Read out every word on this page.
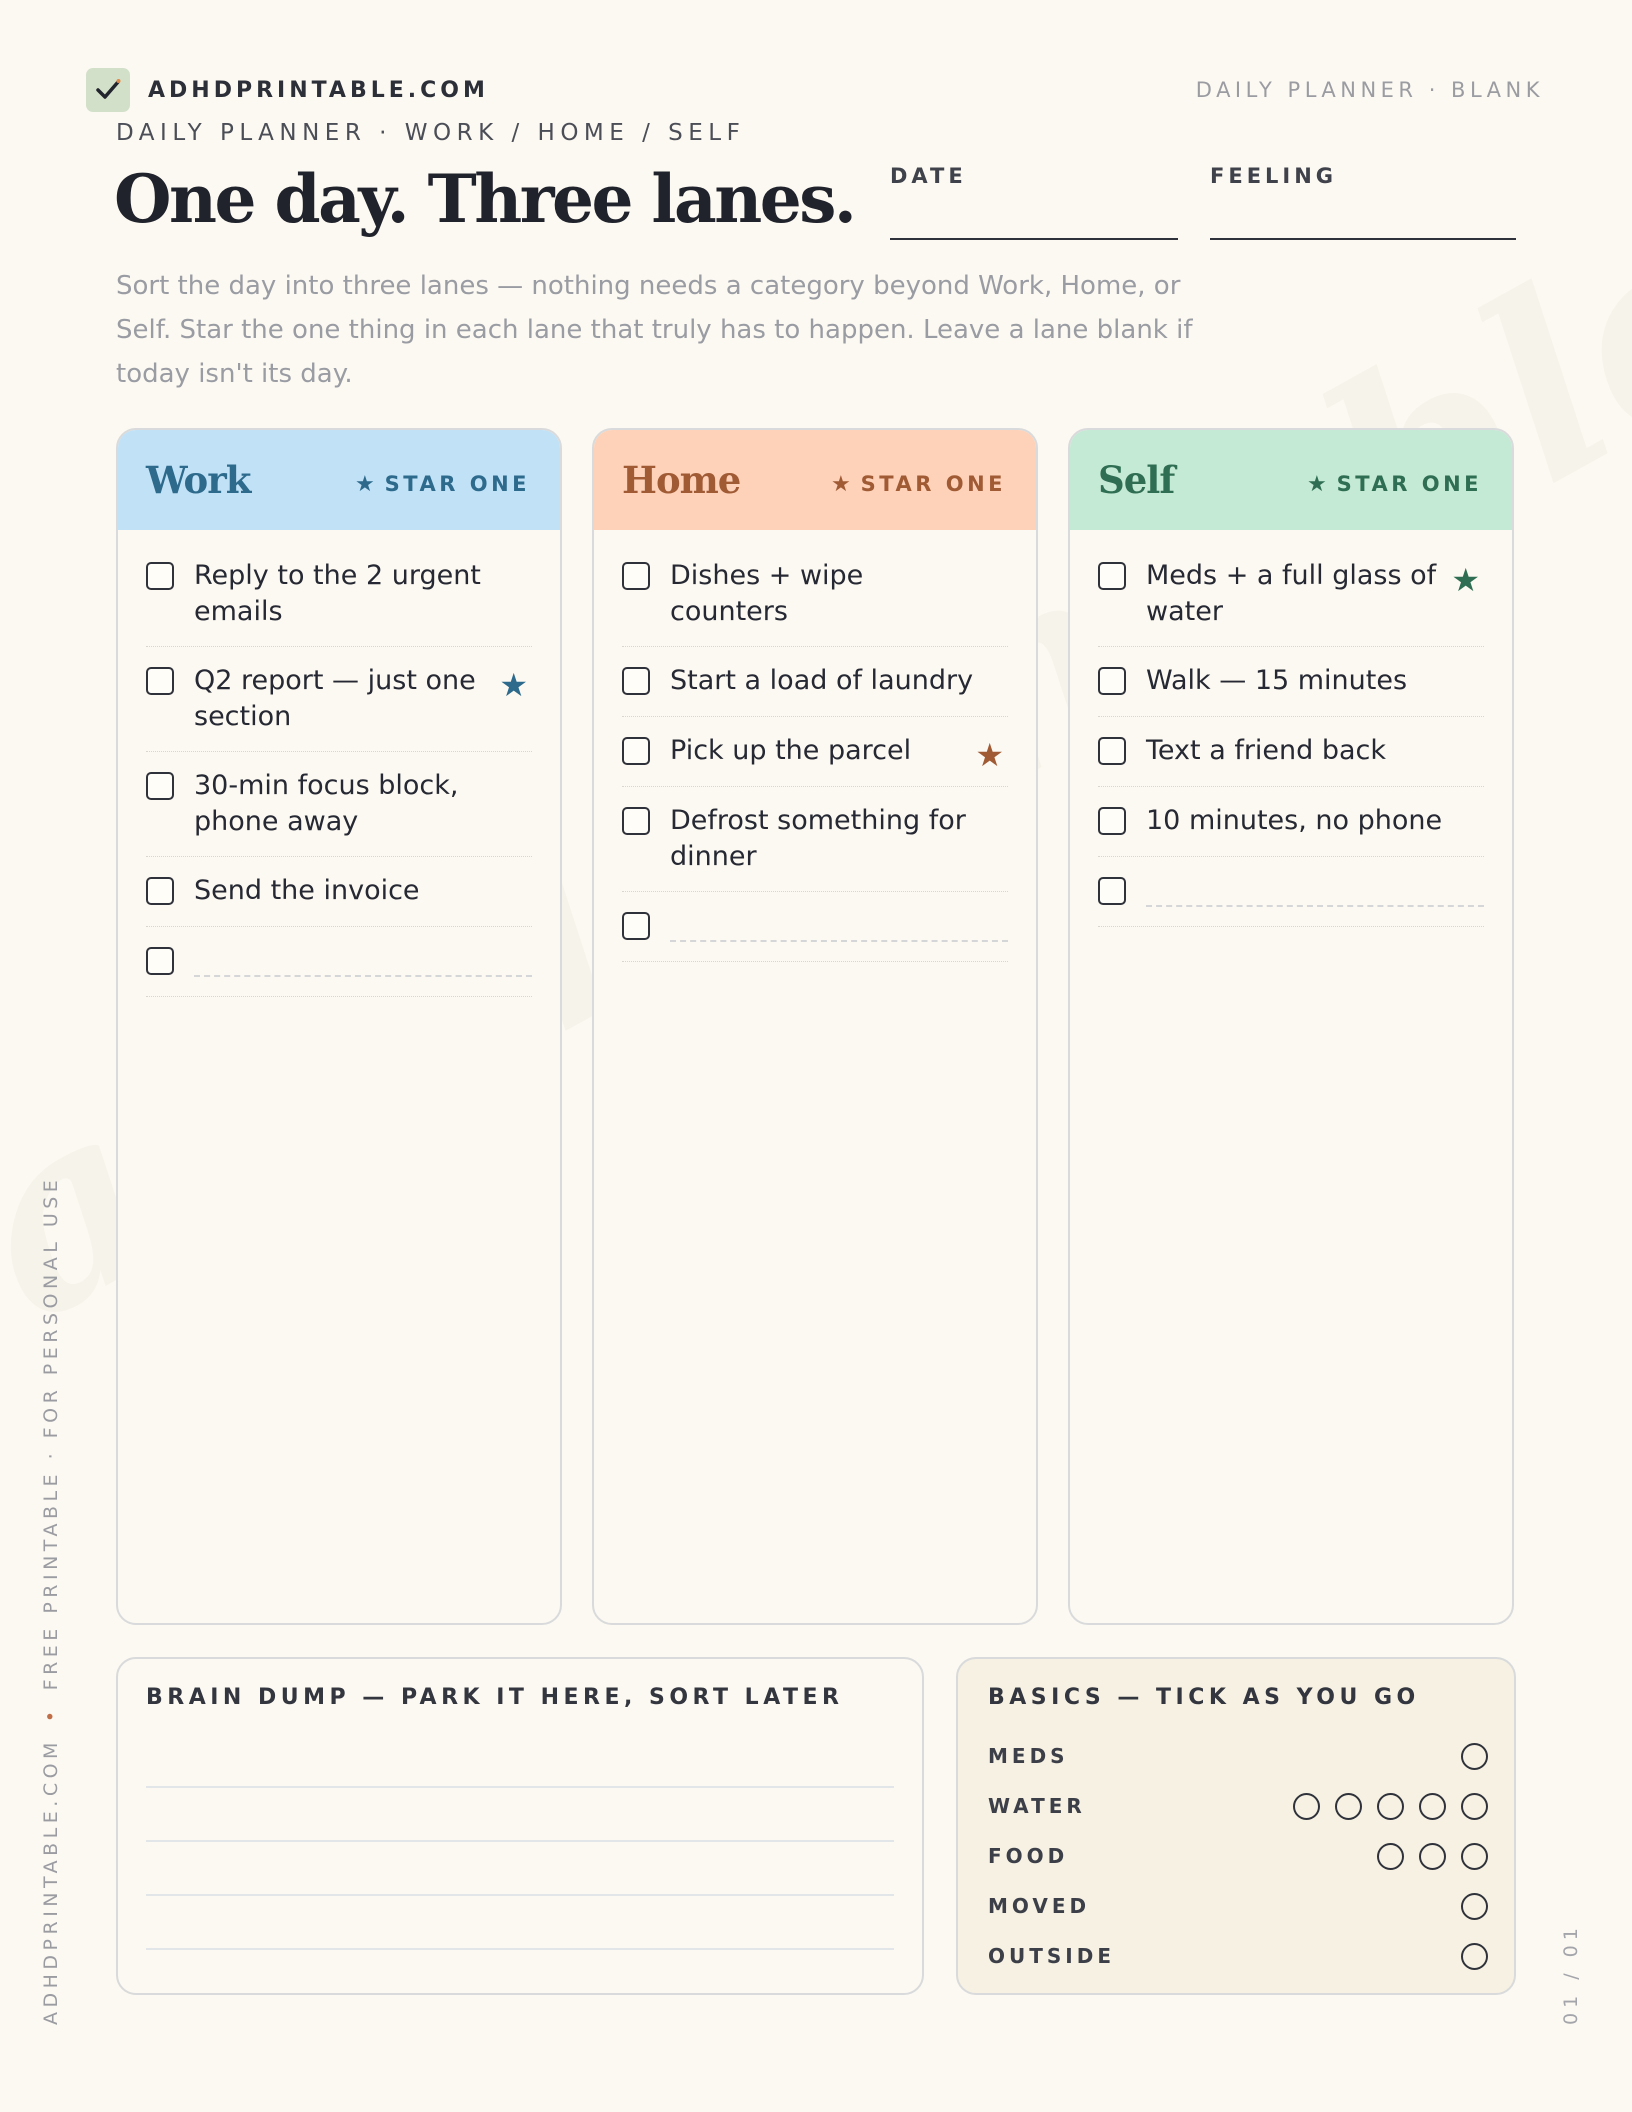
ADHDPRINTABLE.COM	DAILY PLANNER · BLANK
DAILY PLANNER · WORK / HOME / SELF
One day. Three lanes. DATE	FEELING
Sort the day into three lanes — nothing needs a category beyond Work, Home, or Self. Star the one thing in each lane that truly has to happen. Leave a lane blank if today isn't its day.
Work	★ STAR ONE
Reply to the 2 urgent emails
Q2 report — just one section
★
30-min focus block, phone away
Send the invoice
Home	★ STAR ONE
Dishes + wipe counters
Start a load of laundry
Pick up the parcel	★
Defrost something for dinner
Self	★ STAR ONE
Meds + a full glass of water
★
Walk — 15 minutes
Text a friend back
10 minutes, no phone
BRAIN DUMP — PARK IT HERE, SORT LATER	BASICS — TICK AS YOU GO
MEDS
WATER
FOOD
MOVED
OUTSIDE
ADHDPRINTABLE.COM•FREE PRINTABLE · FOR PERSONAL USE
01 / 01
